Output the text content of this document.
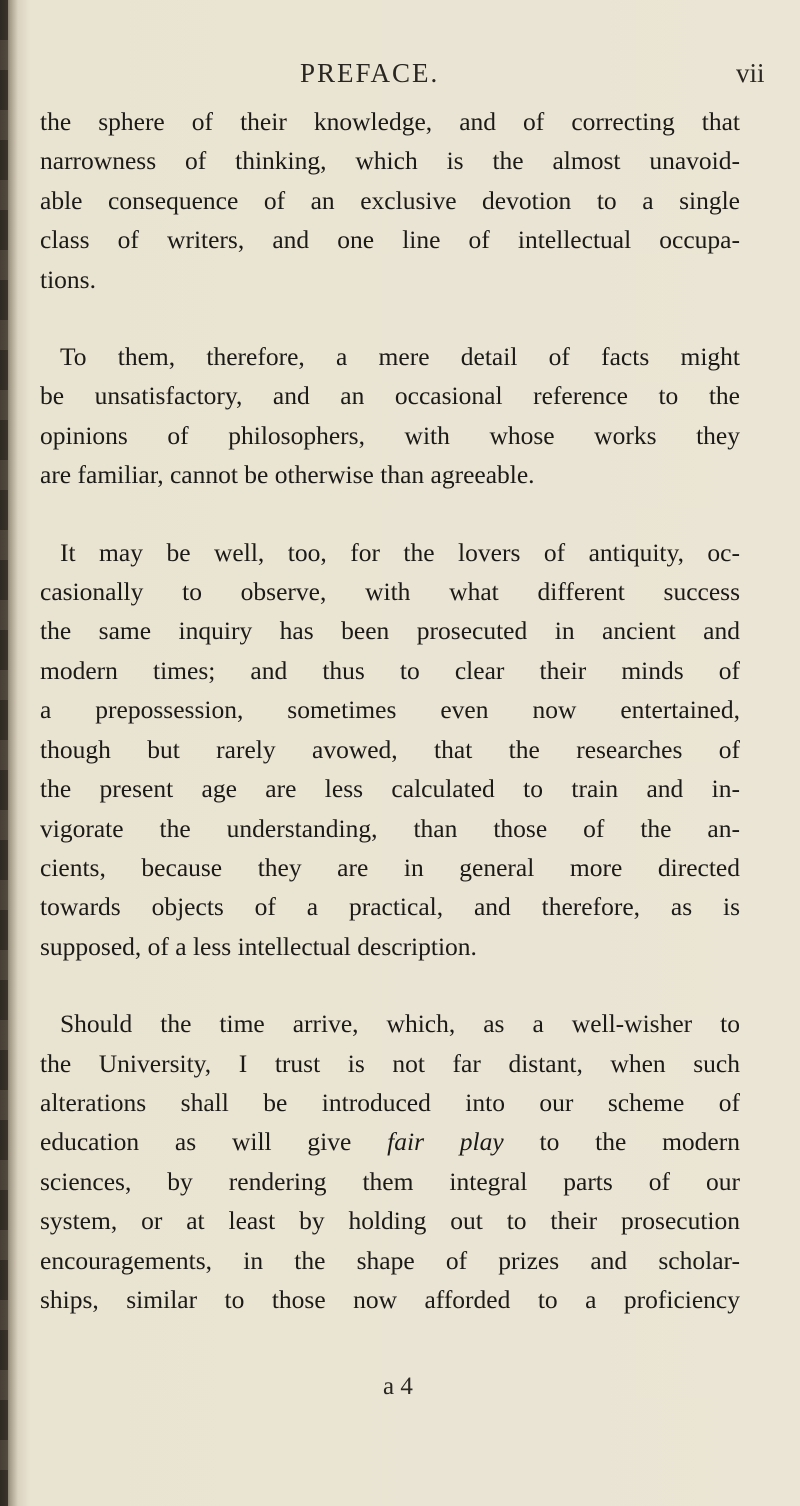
PREFACE.	vii
the sphere of their knowledge, and of correcting that
narrowness of thinking, which is the almost unavoid-
able consequence of an exclusive devotion to a single
class of writers, and one line of intellectual occupa-
tions.
To them, therefore, a mere detail of facts might
be unsatisfactory, and an occasional reference to the
opinions of philosophers, with whose works they
are familiar, cannot be otherwise than agreeable.
It may be well, too, for the lovers of antiquity, oc-
casionally to observe, with what different success
the same inquiry has been prosecuted in ancient and
modern times; and thus to clear their minds of
a prepossession, sometimes even now entertained,
though but rarely avowed, that the researches of
the present age are less calculated to train and in-
vigorate the understanding, than those of the an-
cients, because they are in general more directed
towards objects of a practical, and therefore, as is
supposed, of a less intellectual description.
Should the time arrive, which, as a well-wisher to
the University, I trust is not far distant, when such
alterations shall be introduced into our scheme of
education as will give fair play to the modern
sciences, by rendering them integral parts of our
system, or at least by holding out to their prosecution
encouragements, in the shape of prizes and scholar-
ships, similar to those now afforded to a proficiency
a 4
